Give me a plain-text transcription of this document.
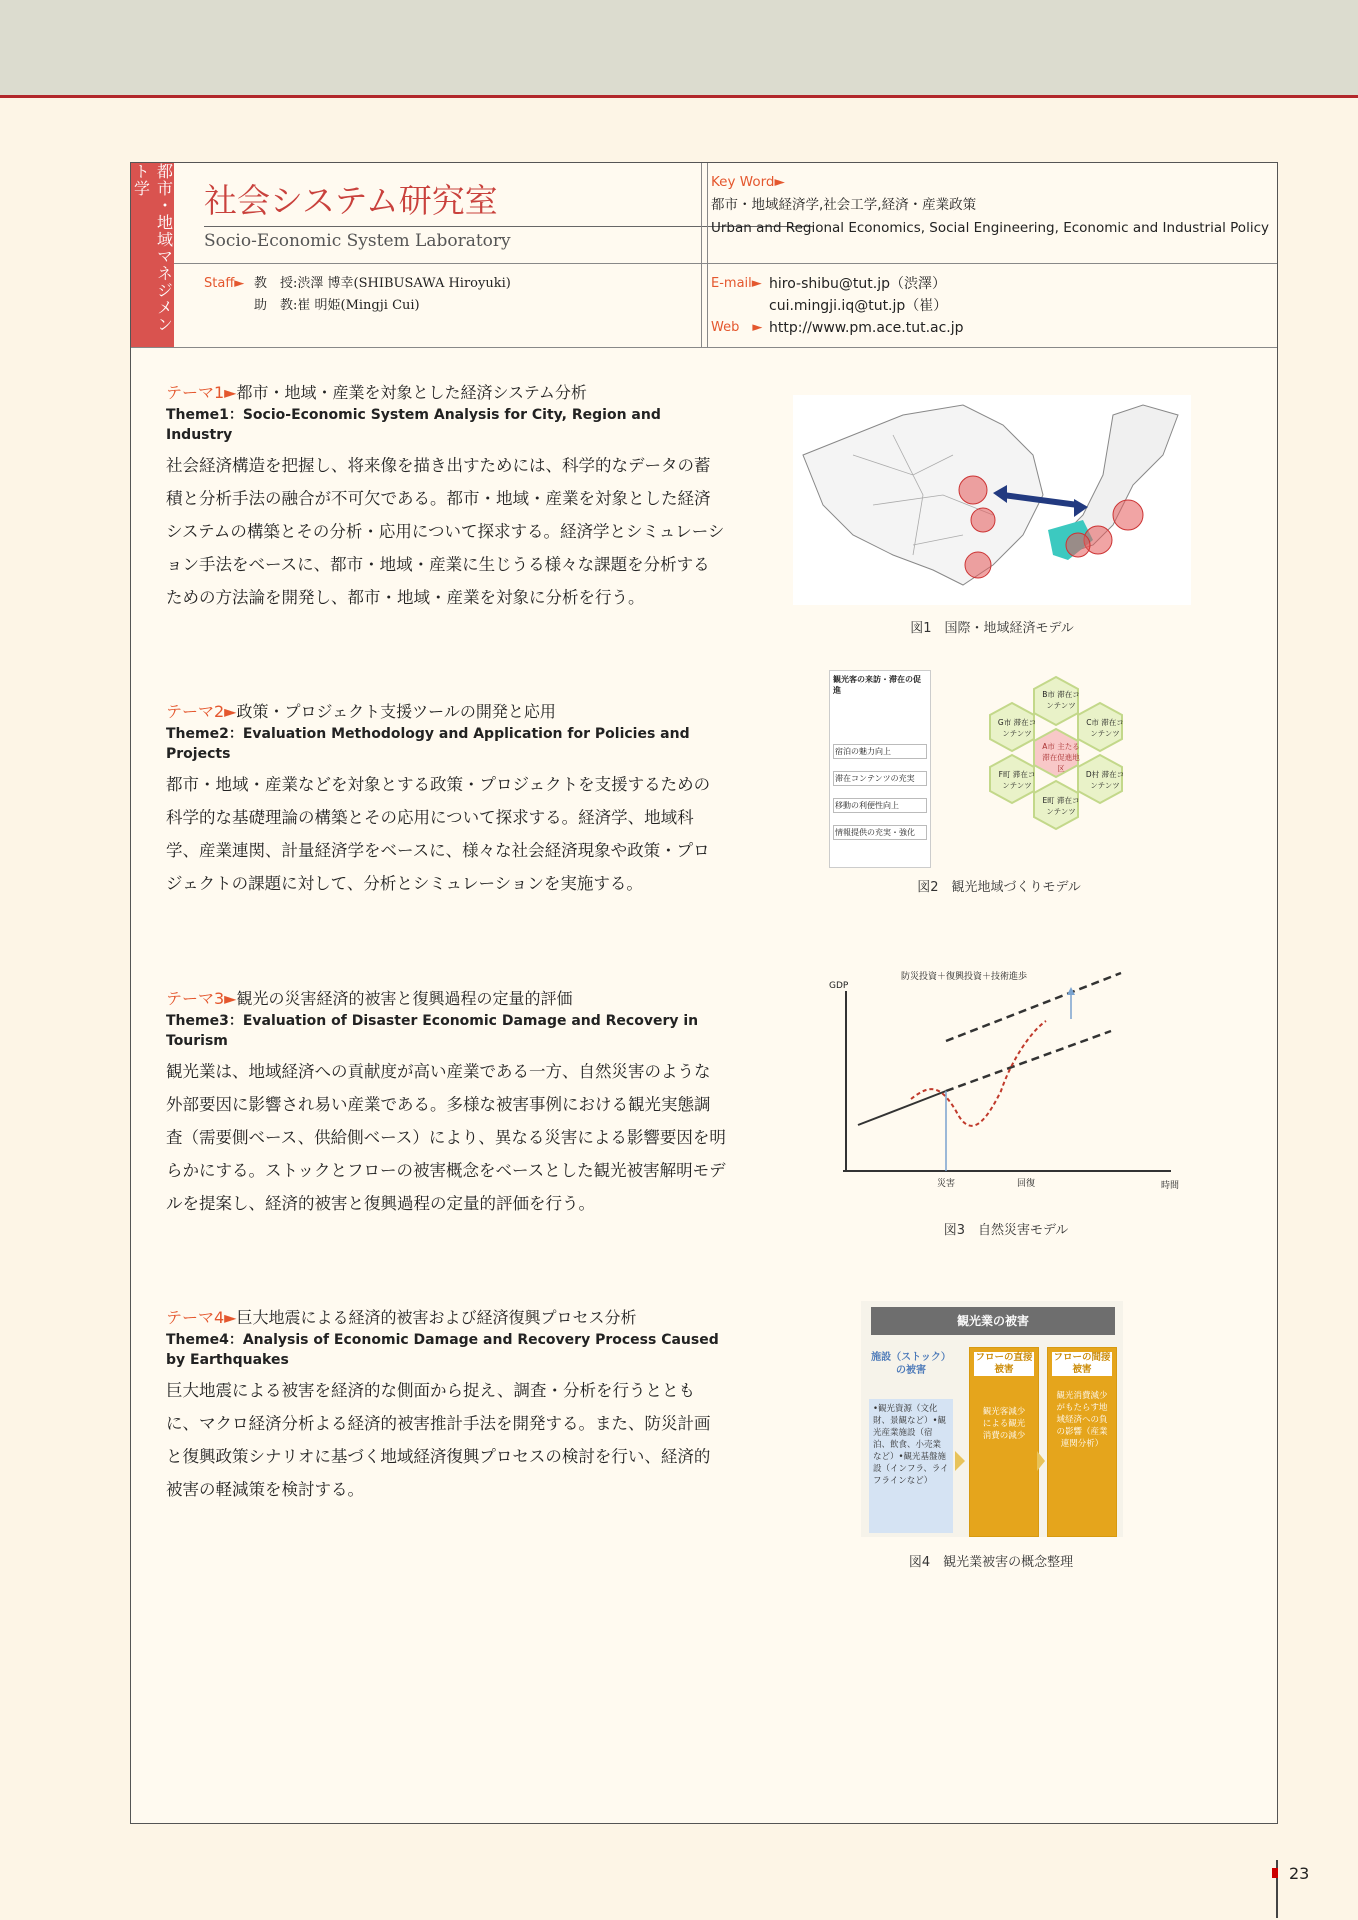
都市・地域マネジメント学
社会システム研究室
Socio-Economic System Laboratory
Staff► 教　授:渋澤 博幸(SHIBUSAWA Hiroyuki)
助　教:崔 明姫(Mingji Cui)
Key Word►
都市・地域経済学,社会工学,経済・産業政策
Urban and Regional Economics, Social Engineering, Economic and Industrial Policy
E-mail► hiro-shibu@tut.jp（渋澤）
cui.mingji.iq@tut.jp（崔）
Web　► http://www.pm.ace.tut.ac.jp
テーマ1►都市・地域・産業を対象とした経済システム分析
Theme1：Socio-Economic System Analysis for City, Region and Industry
社会経済構造を把握し、将来像を描き出すためには、科学的なデータの蓄積と分析手法の融合が不可欠である。都市・地域・産業を対象とした経済システムの構築とその分析・応用について探求する。経済学とシミュレーション手法をベースに、都市・地域・産業に生じうる様々な課題を分析するための方法論を開発し、都市・地域・産業を対象に分析を行う。
テーマ2►政策・プロジェクト支援ツールの開発と応用
Theme2：Evaluation Methodology and Application for Policies and Projects
都市・地域・産業などを対象とする政策・プロジェクトを支援するための科学的な基礎理論の構築とその応用について探求する。経済学、地域科学、産業連関、計量経済学をベースに、様々な社会経済現象や政策・プロジェクトの課題に対して、分析とシミュレーションを実施する。
テーマ3►観光の災害経済的被害と復興過程の定量的評価
Theme3：Evaluation of Disaster Economic Damage and Recovery in Tourism
観光業は、地域経済への貢献度が高い産業である一方、自然災害のような外部要因に影響され易い産業である。多様な被害事例における観光実態調査（需要側ベース、供給側ベース）により、異なる災害による影響要因を明らかにする。ストックとフローの被害概念をベースとした観光被害解明モデルを提案し、経済的被害と復興過程の定量的評価を行う。
テーマ4►巨大地震による経済的被害および経済復興プロセス分析
Theme4：Analysis of Economic Damage and Recovery Process Caused by Earthquakes
巨大地震による被害を経済的な側面から捉え、調査・分析を行うとともに、マクロ経済分析よる経済的被害推計手法を開発する。また、防災計画と復興政策シナリオに基づく地域経済復興プロセスの検討を行い、経済的被害の軽減策を検討する。
図1　国際・地域経済モデル
観光客の来訪・滞在の促進
宿泊の魅力向上
滞在コンテンツの充実
移動の利便性向上
情報提供の充実・強化
B市 滞在コンテンツ
G市 滞在コンテンツ
A市 主たる滞在促進地区
C市 滞在コンテンツ
F町 滞在コンテンツ
D村 滞在コンテンツ
E町 滞在コンテンツ
図2　観光地域づくりモデル
GDP
防災投資＋復興投資＋技術進歩
災害	回復	時間
図3　自然災害モデル
観光業の被害
施設（ストック）の被害
•観光資源（文化財、景観など）•観光産業施設（宿泊、飲食、小売業など）•観光基盤施設（インフラ、ライフラインなど）
フローの直接被害
観光客減少による観光消費の減少
フローの間接被害
観光消費減少がもたらす地域経済への負の影響（産業連関分析）
図4　観光業被害の概念整理
23
